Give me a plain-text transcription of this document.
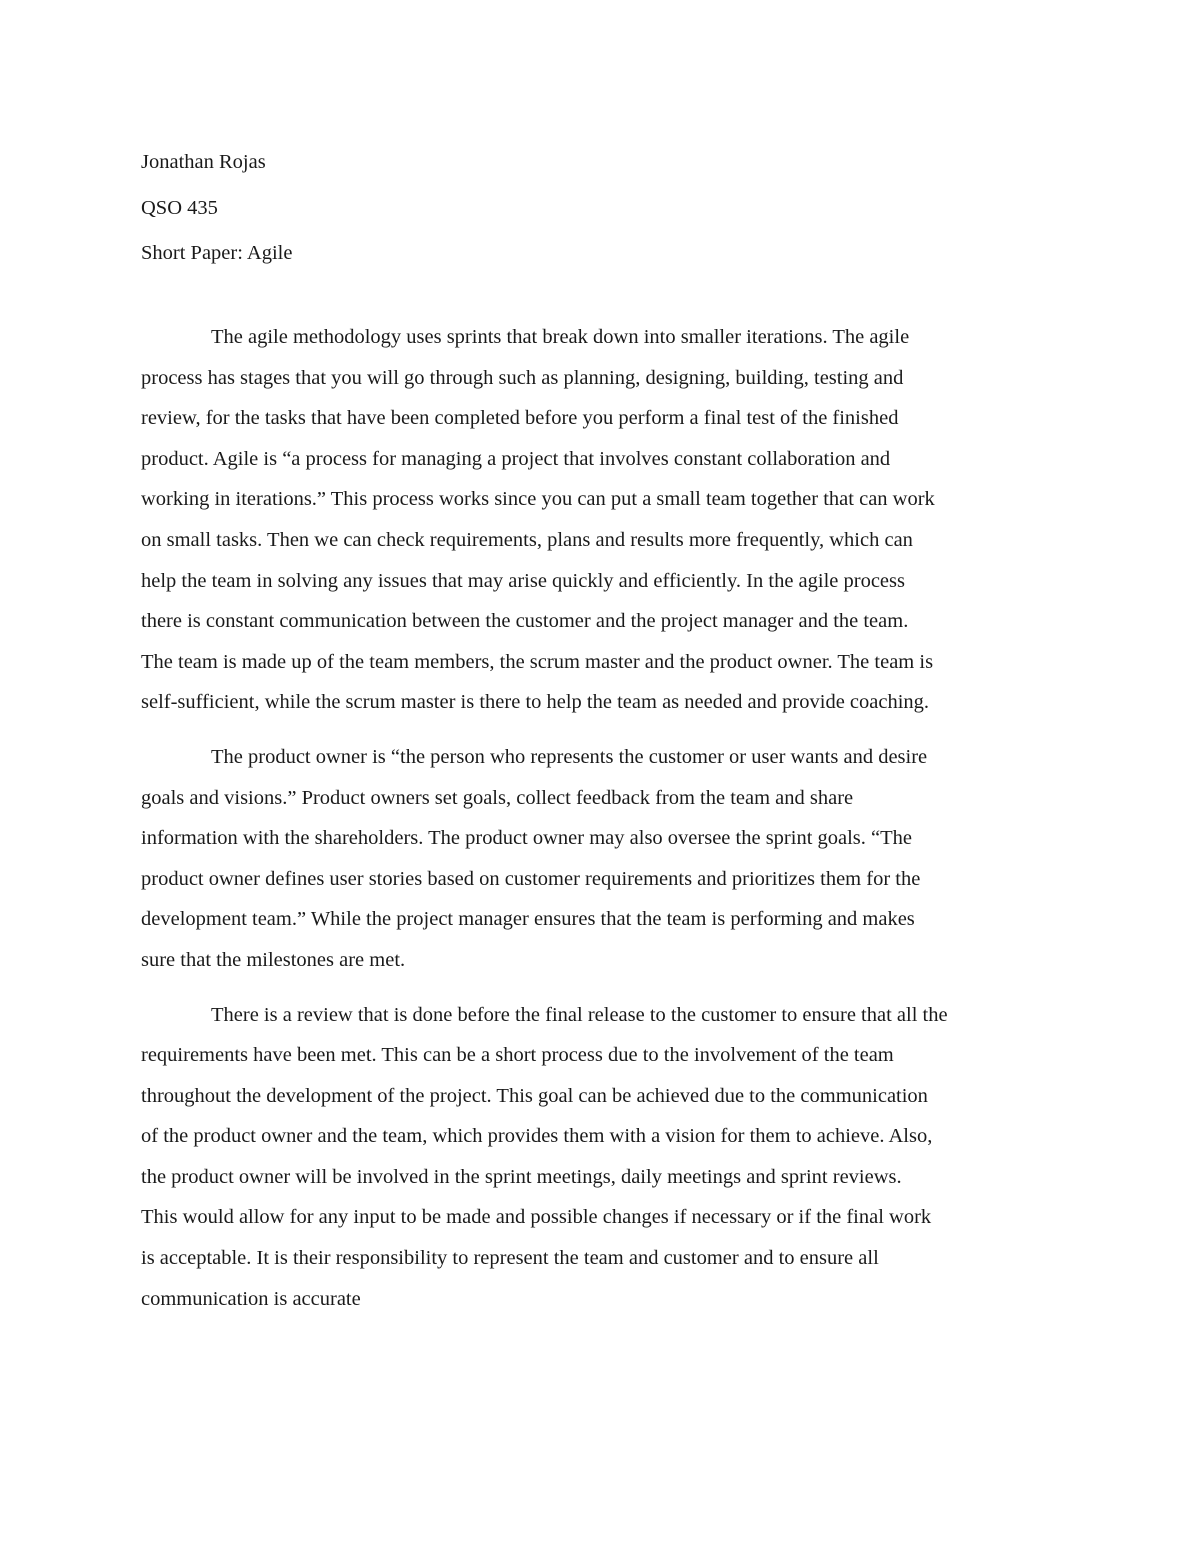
Jonathan Rojas
QSO 435
Short Paper: Agile
The agile methodology uses sprints that break down into smaller iterations. The agile
process has stages that you will go through such as planning, designing, building, testing and
review, for the tasks that have been completed before you perform a final test of the finished
product. Agile is “a process for managing a project that involves constant collaboration and
working in iterations.” This process works since you can put a small team together that can work
on small tasks. Then we can check requirements, plans and results more frequently, which can
help the team in solving any issues that may arise quickly and efficiently. In the agile process
there is constant communication between the customer and the project manager and the team.
The team is made up of the team members, the scrum master and the product owner. The team is
self-sufficient, while the scrum master is there to help the team as needed and provide coaching.
The product owner is “the person who represents the customer or user wants and desire
goals and visions.” Product owners set goals, collect feedback from the team and share
information with the shareholders. The product owner may also oversee the sprint goals. “The
product owner defines user stories based on customer requirements and prioritizes them for the
development team.” While the project manager ensures that the team is performing and makes
sure that the milestones are met.
There is a review that is done before the final release to the customer to ensure that all the
requirements have been met. This can be a short process due to the involvement of the team
throughout the development of the project. This goal can be achieved due to the communication
of the product owner and the team, which provides them with a vision for them to achieve. Also,
the product owner will be involved in the sprint meetings, daily meetings and sprint reviews.
This would allow for any input to be made and possible changes if necessary or if the final work
is acceptable. It is their responsibility to represent the team and customer and to ensure all
communication is accurate
